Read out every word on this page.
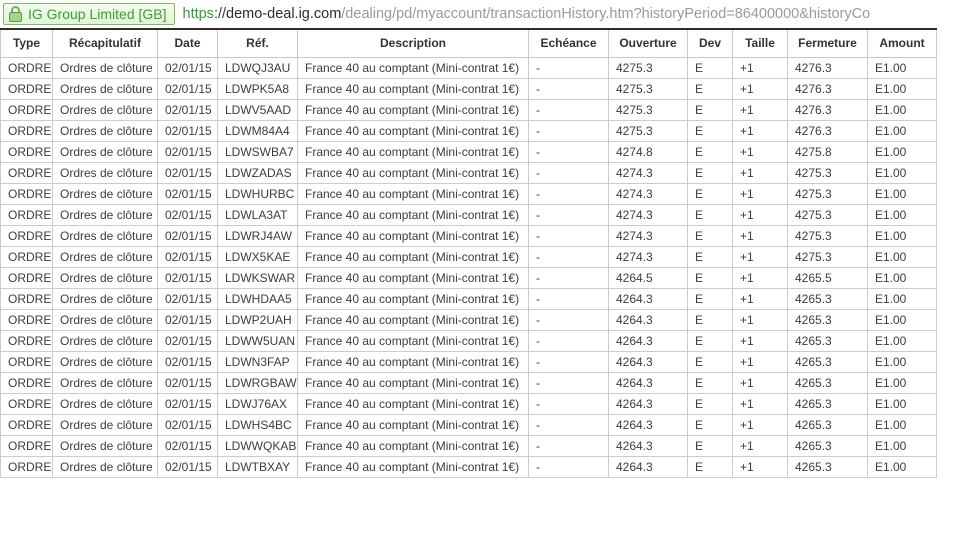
IG Group Limited [GB] https://demo-deal.ig.com/dealing/pd/myaccount/transactionHistory.htm?historyPeriod=86400000&historyCo
Type	Récapitulatif	Date	Réf.	Description	Echéance	Ouverture	Dev	Taille	Fermeture	Amount
ORDRE	Ordres de clôture	02/01/15	LDWQJ3AU	France 40 au comptant (Mini-contrat 1€)	-	4275.3	E	+1	4276.3	E1.00
ORDRE	Ordres de clôture	02/01/15	LDWPK5A8	France 40 au comptant (Mini-contrat 1€)	-	4275.3	E	+1	4276.3	E1.00
ORDRE	Ordres de clôture	02/01/15	LDWV5AAD	France 40 au comptant (Mini-contrat 1€)	-	4275.3	E	+1	4276.3	E1.00
ORDRE	Ordres de clôture	02/01/15	LDWM84A4	France 40 au comptant (Mini-contrat 1€)	-	4275.3	E	+1	4276.3	E1.00
ORDRE	Ordres de clôture	02/01/15	LDWSWBA7	France 40 au comptant (Mini-contrat 1€)	-	4274.8	E	+1	4275.8	E1.00
ORDRE	Ordres de clôture	02/01/15	LDWZADAS	France 40 au comptant (Mini-contrat 1€)	-	4274.3	E	+1	4275.3	E1.00
ORDRE	Ordres de clôture	02/01/15	LDWHURBC	France 40 au comptant (Mini-contrat 1€)	-	4274.3	E	+1	4275.3	E1.00
ORDRE	Ordres de clôture	02/01/15	LDWLA3AT	France 40 au comptant (Mini-contrat 1€)	-	4274.3	E	+1	4275.3	E1.00
ORDRE	Ordres de clôture	02/01/15	LDWRJ4AW	France 40 au comptant (Mini-contrat 1€)	-	4274.3	E	+1	4275.3	E1.00
ORDRE	Ordres de clôture	02/01/15	LDWX5KAE	France 40 au comptant (Mini-contrat 1€)	-	4274.3	E	+1	4275.3	E1.00
ORDRE	Ordres de clôture	02/01/15	LDWKSWAR	France 40 au comptant (Mini-contrat 1€)	-	4264.5	E	+1	4265.5	E1.00
ORDRE	Ordres de clôture	02/01/15	LDWHDAA5	France 40 au comptant (Mini-contrat 1€)	-	4264.3	E	+1	4265.3	E1.00
ORDRE	Ordres de clôture	02/01/15	LDWP2UAH	France 40 au comptant (Mini-contrat 1€)	-	4264.3	E	+1	4265.3	E1.00
ORDRE	Ordres de clôture	02/01/15	LDWW5UAN	France 40 au comptant (Mini-contrat 1€)	-	4264.3	E	+1	4265.3	E1.00
ORDRE	Ordres de clôture	02/01/15	LDWN3FAP	France 40 au comptant (Mini-contrat 1€)	-	4264.3	E	+1	4265.3	E1.00
ORDRE	Ordres de clôture	02/01/15	LDWRGBAW	France 40 au comptant (Mini-contrat 1€)	-	4264.3	E	+1	4265.3	E1.00
ORDRE	Ordres de clôture	02/01/15	LDWJ76AX	France 40 au comptant (Mini-contrat 1€)	-	4264.3	E	+1	4265.3	E1.00
ORDRE	Ordres de clôture	02/01/15	LDWHS4BC	France 40 au comptant (Mini-contrat 1€)	-	4264.3	E	+1	4265.3	E1.00
ORDRE	Ordres de clôture	02/01/15	LDWWQKAB	France 40 au comptant (Mini-contrat 1€)	-	4264.3	E	+1	4265.3	E1.00
ORDRE	Ordres de clôture	02/01/15	LDWTBXAY	France 40 au comptant (Mini-contrat 1€)	-	4264.3	E	+1	4265.3	E1.00
